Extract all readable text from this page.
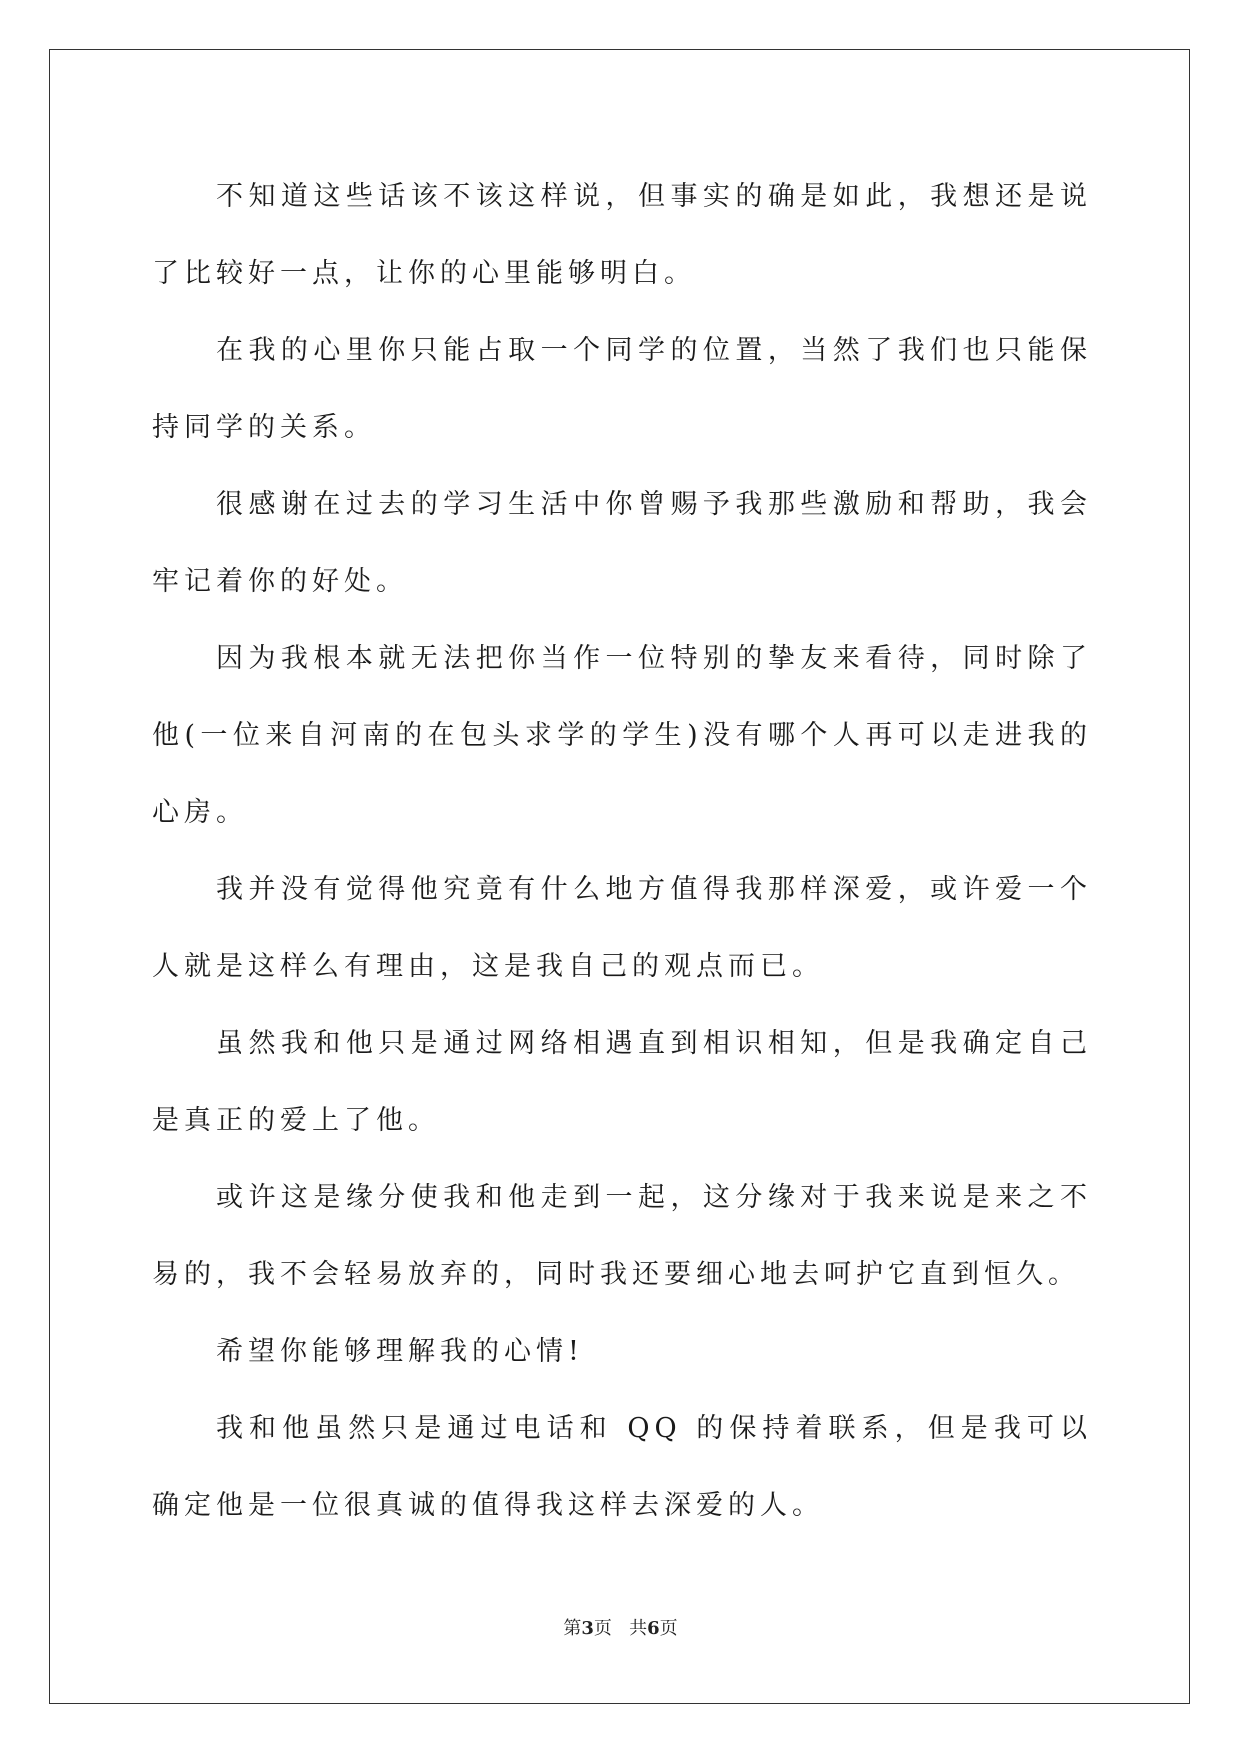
不知道这些话该不该这样说，但事实的确是如此，我想还是说了比较好一点，让你的心里能够明白。

在我的心里你只能占取一个同学的位置，当然了我们也只能保持同学的关系。

很感谢在过去的学习生活中你曾赐予我那些激励和帮助，我会牢记着你的好处。

因为我根本就无法把你当作一位特别的挚友来看待，同时除了他(一位来自河南的在包头求学的学生)没有哪个人再可以走进我的心房。

我并没有觉得他究竟有什么地方值得我那样深爱，或许爱一个人就是这样么有理由，这是我自己的观点而已。

虽然我和他只是通过网络相遇直到相识相知，但是我确定自己是真正的爱上了他。

或许这是缘分使我和他走到一起，这分缘对于我来说是来之不易的，我不会轻易放弃的，同时我还要细心地去呵护它直到恒久。

希望你能够理解我的心情!

我和他虽然只是通过电话和 QQ 的保持着联系，但是我可以确定他是一位很真诚的值得我这样去深爱的人。

第3页 共6页
